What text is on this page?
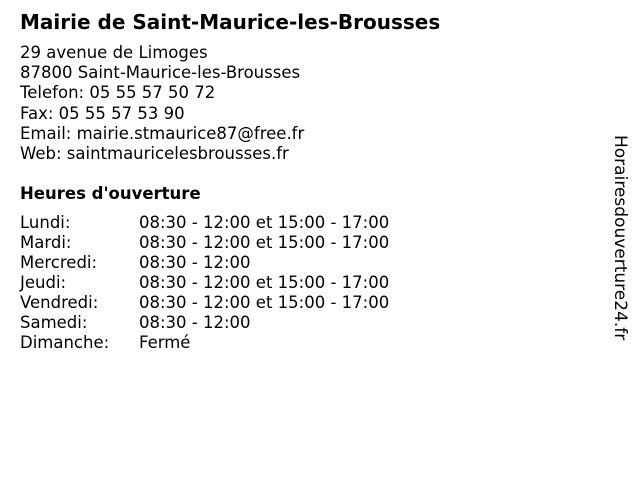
Mairie de Saint-Maurice-les-Brousses
29 avenue de Limoges
87800 Saint-Maurice-les-Brousses
Telefon: 05 55 57 50 72
Fax: 05 55 57 53 90
Email: mairie.stmaurice87@free.fr
Web: saintmauricelesbrousses.fr
Heures d'ouverture
Lundi:	08:30 - 12:00 et 15:00 - 17:00
Mardi:	08:30 - 12:00 et 15:00 - 17:00
Mercredi:	08:30 - 12:00
Jeudi:	08:30 - 12:00 et 15:00 - 17:00
Vendredi: 08:30 - 12:00 et 15:00 - 17:00
Samedi:	08:30 - 12:00
Dimanche: Fermé
Horairesdouverture24.fr
